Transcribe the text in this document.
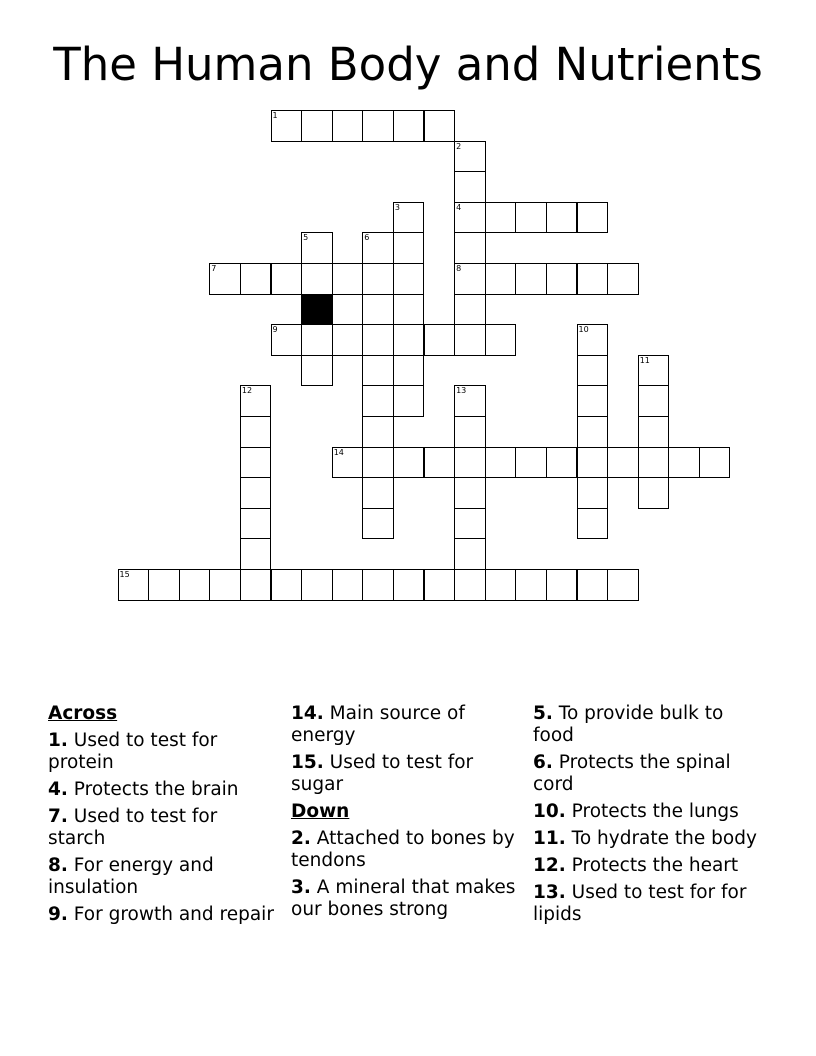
The Human Body and Nutrients
1
2
4
8
3
5	6
7
9	10
11
12	13
14
15
Across
1. Used to test for protein
4. Protects the brain
7. Used to test for starch
8. For energy and insulation
9. For growth and repair
14. Main source of energy
15. Used to test for sugar
Down
2. Attached to bones by tendons
3. A mineral that makes our bones strong
5. To provide bulk to food
6. Protects the spinal cord
10. Protects the lungs
11. To hydrate the body
12. Protects the heart
13. Used to test for for lipids
